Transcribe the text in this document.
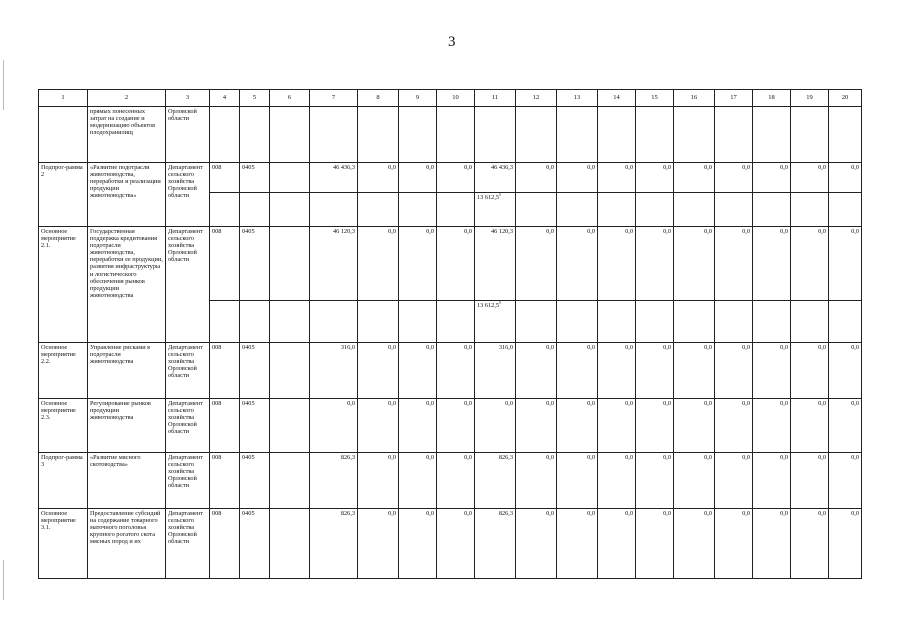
3
1	2	3	4	5	6	7	8	9	10	11	12	13	14	15	16	17	18	19	20
	прямых понесенных затрат на создание и модернизацию объектов плодохранилищ	Орловской области																	
Подпрог-рамма 2	«Развитие подотрасли животноводства, переработки и реализации продукции животноводства»	Департамент сельского хозяйства Орловской области	008	0405		46 436,3	0,0	0,0	0,0	46 436,3	0,0	0,0	0,0	0,0	0,0	0,0	0,0	0,0	0,0
										13 612,5$^5$									
Основное мероприятие 2.1.	Государственная поддержка кредитования подотрасли животноводства, переработки ее продукции, развития инфраструктуры и логистического обеспечения рынков продукции животноводства	Департамент сельского хозяйства Орловской области	008	0405		46 120,3	0,0	0,0	0,0	46 120,3	0,0	0,0	0,0	0,0	0,0	0,0	0,0	0,0	0,0
										13 612,5$^5$									
Основное мероприятие 2.2.	Управление рисками в подотрасли животноводства	Департамент сельского хозяйства Орловской области	008	0405		316,0	0,0	0,0	0,0	316,0	0,0	0,0	0,0	0,0	0,0	0,0	0,0	0,0	0,0
Основное мероприятие 2.3.	Регулирование рынков продукции животноводства	Департамент сельского хозяйства Орловской области	008	0405		0,0	0,0	0,0	0,0	0,0	0,0	0,0	0,0	0,0	0,0	0,0	0,0	0,0	0,0
Подпрог-рамма 3	«Развитие мясного скотоводства»	Департамент сельского хозяйства Орловской области	008	0405		826,3	0,0	0,0	0,0	826,3	0,0	0,0	0,0	0,0	0,0	0,0	0,0	0,0	0,0
Основное мероприятие 3.1.	Предоставление субсидий на содержание товарного маточного поголовья крупного рогатого скота мясных пород и их	Департамент сельского хозяйства Орловской области	008	0405		826,3	0,0	0,0	0,0	826,3	0,0	0,0	0,0	0,0	0,0	0,0	0,0	0,0	0,0
